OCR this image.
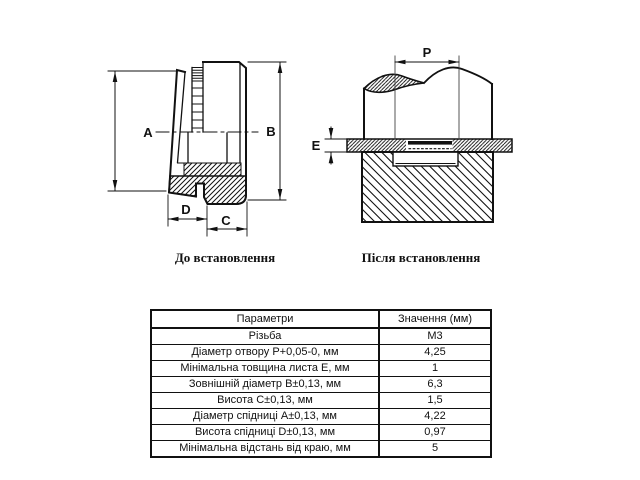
A	B
D
C
P
E
До встановлення	Після встановлення
Параметри	Значення (мм)
Різьба	M3
Діаметр отвору P+0,05-0, мм	4,25
Мінімальна товщина листа E, мм	1
Зовнішній діаметр B±0,13, мм	6,3
Висота C±0,13, мм	1,5
Діаметр спідниці A±0,13, мм	4,22
Висота спідниці D±0,13, мм	0,97
Мінімальна відстань від краю, мм	5
